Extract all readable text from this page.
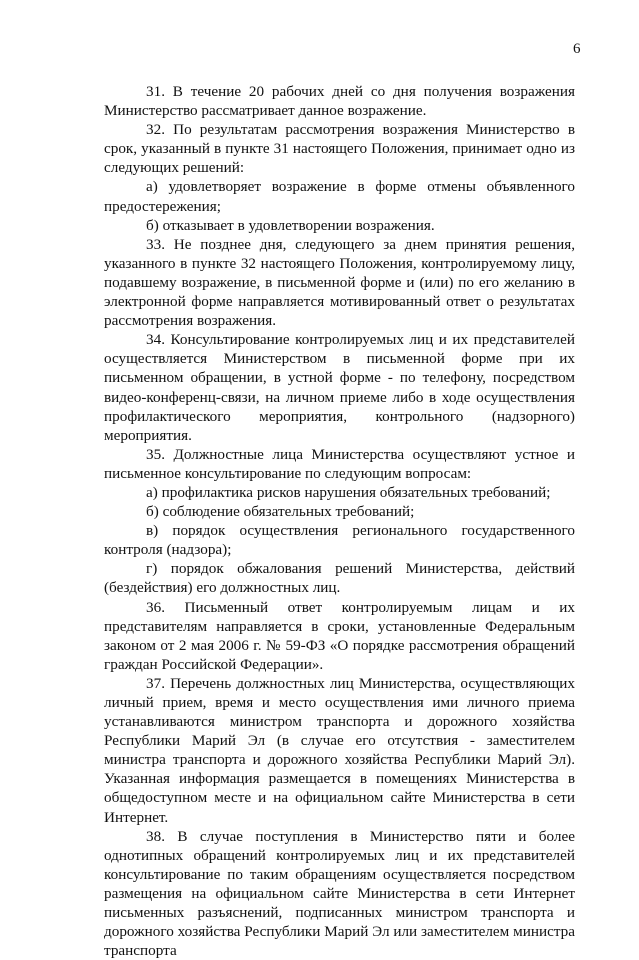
6

31. В течение 20 рабочих дней со дня получения возражения Министерство рассматривает данное возражение.

32. По результатам рассмотрения возражения Министерство в срок, указанный в пункте 31 настоящего Положения, принимает одно из следующих решений:

а) удовлетворяет возражение в форме отмены объявленного предостережения;

б) отказывает в удовлетворении возражения.

33. Не позднее дня, следующего за днем принятия решения, указанного в пункте 32 настоящего Положения, контролируемому лицу, подавшему возражение, в письменной форме и (или) по его желанию в электронной форме направляется мотивированный ответ о результатах рассмотрения возражения.

34. Консультирование контролируемых лиц и их представителей осуществляется Министерством в письменной форме при их письменном обращении, в устной форме - по телефону, посредством видео-конференц-связи, на личном приеме либо в ходе осуществления профилактического мероприятия, контрольного (надзорного) мероприятия.

35. Должностные лица Министерства осуществляют устное и письменное консультирование по следующим вопросам:

а) профилактика рисков нарушения обязательных требований;

б) соблюдение обязательных требований;

в) порядок осуществления регионального государственного контроля (надзора);

г) порядок обжалования решений Министерства, действий (бездействия) его должностных лиц.

36. Письменный ответ контролируемым лицам и их представителям направляется в сроки, установленные Федеральным законом от 2 мая 2006 г. № 59-ФЗ «О порядке рассмотрения обращений граждан Российской Федерации».

37. Перечень должностных лиц Министерства, осуществляющих личный прием, время и место осуществления ими личного приема устанавливаются министром транспорта и дорожного хозяйства Республики Марий Эл (в случае его отсутствия - заместителем министра транспорта и дорожного хозяйства Республики Марий Эл). Указанная информация размещается в помещениях Министерства в общедоступном месте и на официальном сайте Министерства в сети Интернет.

38. В случае поступления в Министерство пяти и более однотипных обращений контролируемых лиц и их представителей консультирование по таким обращениям осуществляется посредством размещения на официальном сайте Министерства в сети Интернет письменных разъяснений, подписанных министром транспорта и дорожного хозяйства Республики Марий Эл или заместителем министра транспорта
